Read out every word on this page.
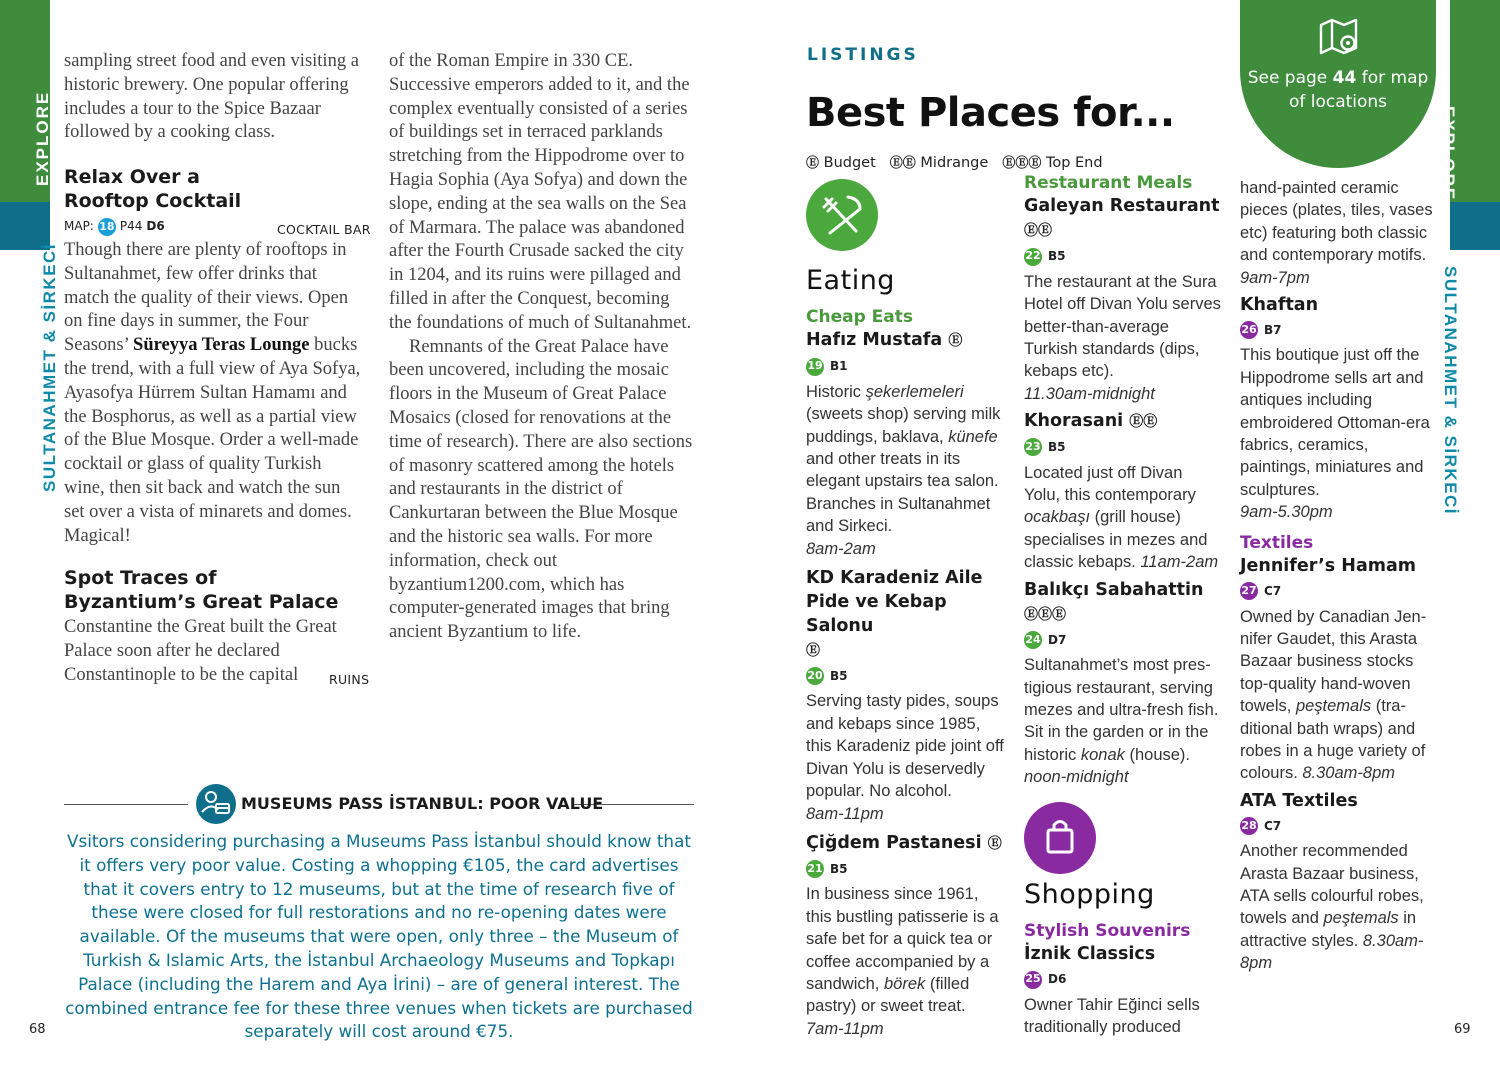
EXPLORE
SULTANAHMET & SİRKECİ
EXPLORE
SULTANAHMET & SİRKECİ

sampling street food and even visiting a historic brewery. One popular offering includes a tour to the Spice Bazaar followed by a cooking class.

Relax Over a
Rooftop Cocktail
MAP: 18 P44 D6

Though there are plenty of rooftops in Sultanahmet, few offer drinks that match the quality of their views. Open on fine days in summer, the Four Seasons’ Süreyya Teras Lounge bucks the trend, with a full view of Aya Sofya, Ayasofya Hürrem Sultan Hamamı and the Bosphorus, as well as a partial view of the Blue Mosque. Order a well-made cocktail or glass of quality Turkish wine, then sit back and watch the sun set over a vista of minarets and domes. Magical!

Spot Traces of
Byzantium’s Great Palace

Constantine the Great built the Great Palace soon after he declared Constantinople to be the capital

COCKTAIL BAR
RUINS

of the Roman Empire in 330 CE. Successive emperors added to it, and the complex eventually consisted of a series of buildings set in terraced parklands stretching from the Hippodrome over to Hagia Sophia (Aya Sofya) and down the slope, ending at the sea walls on the Sea of Marmara. The palace was abandoned after the Fourth Crusade sacked the city in 1204, and its ruins were pillaged and filled in after the Conquest, becoming the foundations of much of Sultanahmet.

Remnants of the Great Palace have been uncovered, including the mosaic floors in the Museum of Great Palace Mosaics (closed for renovations at the time of research). There are also sections of masonry scattered among the hotels and restaurants in the district of Cankurtaran between the Blue Mosque and the historic sea walls. For more information, check out byzantium1200.com, which has computer-generated images that bring ancient Byzantium to life.

MUSEUMS PASS İSTANBUL: POOR VALUE
Vsitors considering purchasing a Museums Pass İstanbul should know that it offers very poor value. Costing a whopping €105, the card advertises that it covers entry to 12 museums, but at the time of research five of these were closed for full restorations and no re-opening dates were available. Of the museums that were open, only three – the Museum of Turkish & Islamic Arts, the İstanbul Archaeology Museums and Topkapı Palace (including the Harem and Aya İrini) – are of general interest. The combined entrance fee for these three venues when tickets are purchased separately will cost around €75.
68
LISTINGS
Best Places for...
Ⓔ Budget ⒺⒺ Midrange ⒺⒺⒺ Top End
See page 44 for map
of locations
Eating
Cheap Eats
Hafız Mustafa Ⓔ
19 B1
Historic şekerlemeleri (sweets shop) serving milk puddings, baklava, künefe and other treats in its elegant upstairs tea salon. Branches in Sultanahmet and Sirkeci.
8am-2am
KD Karadeniz Aile
Pide ve Kebap Salonu
Ⓔ
20 B5
Serving tasty pides, soups and kebaps since 1985, this Karadeniz pide joint off Divan Yolu is deservedly popular. No alcohol.
8am-11pm
Çiğdem Pastanesi Ⓔ
21 B5
In business since 1961, this bustling patisserie is a safe bet for a quick tea or coffee accompanied by a sandwich, börek (filled pastry) or sweet treat.
7am-11pm
Restaurant Meals
Galeyan Restaurant
ⒺⒺ
22 B5
The restaurant at the Sura Hotel off Divan Yolu serves better-than-average Turkish standards (dips, kebaps etc).
11.30am-midnight
Khorasani ⒺⒺ
23 B5
Located just off Divan Yolu, this contemporary ocakbaşı (grill house) specialises in mezes and classic kebaps. 11am-2am
Balıkçı Sabahattin
ⒺⒺⒺ
24 D7
Sultanahmet’s most prestigious restaurant, serving mezes and ultra-fresh fish. Sit in the garden or in the historic konak (house).
noon-midnight
Shopping
Stylish Souvenirs
İznik Classics
25 D6
Owner Tahir Eğinci sells traditionally produced
hand-painted ceramic pieces (plates, tiles, vases etc) featuring both classic and contemporary motifs.
9am-7pm
Khaftan
26 B7
This boutique just off the Hippodrome sells art and antiques including embroidered Ottoman-era fabrics, ceramics, paintings, miniatures and sculptures.
9am-5.30pm
Textiles
Jennifer’s Hamam
27 C7
Owned by Canadian Jennifer Gaudet, this Arasta Bazaar business stocks top-quality hand-woven towels, peştemals (traditional bath wraps) and robes in a huge variety of colours. 8.30am-8pm
ATA Textiles
28 C7
Another recommended Arasta Bazaar business, ATA sells colourful robes, towels and peştemals in attractive styles. 8.30am-8pm
69
